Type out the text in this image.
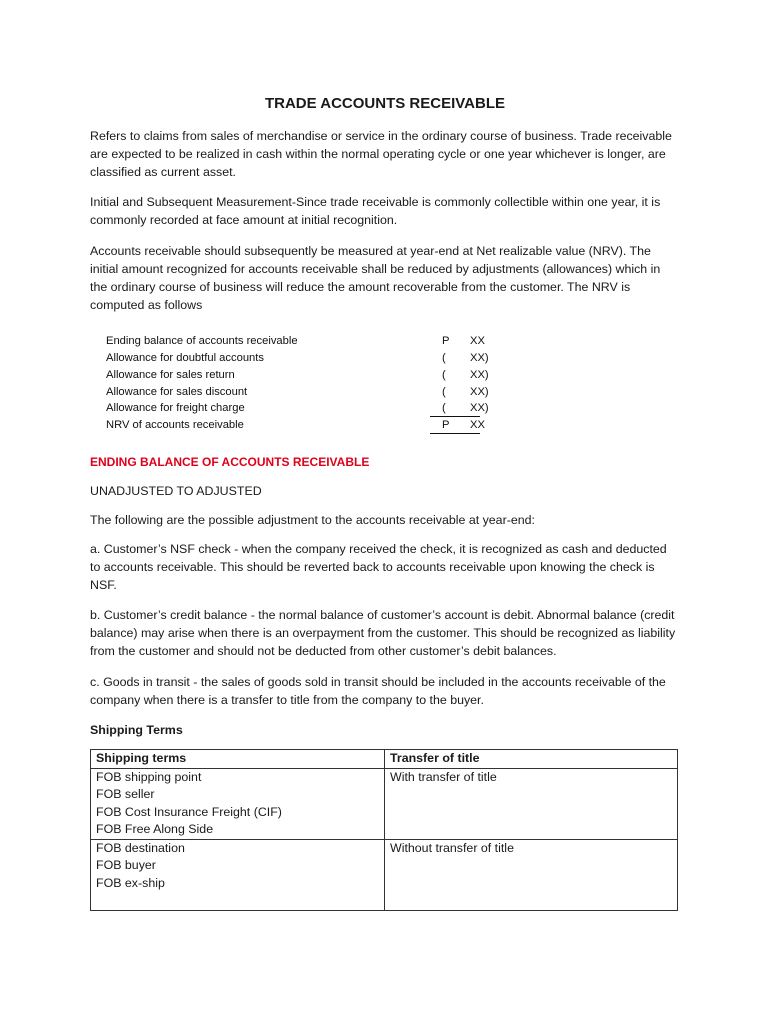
TRADE ACCOUNTS RECEIVABLE

Refers to claims from sales of merchandise or service in the ordinary course of business. Trade receivable are expected to be realized in cash within the normal operating cycle or one year whichever is longer, are classified as current asset.

Initial and Subsequent Measurement-Since trade receivable is commonly collectible within one year, it is commonly recorded at face amount at initial recognition.

Accounts receivable should subsequently be measured at year-end at Net realizable value (NRV). The initial amount recognized for accounts receivable shall be reduced by adjustments (allowances) which in the ordinary course of business will reduce the amount recoverable from the customer. The NRV is computed as follows

ENDING BALANCE OF ACCOUNTS RECEIVABLE

UNADJUSTED TO ADJUSTED

The following are the possible adjustment to the accounts receivable at year-end:

a. Customer’s NSF check - when the company received the check, it is recognized as cash and deducted to accounts receivable. This should be reverted back to accounts receivable upon knowing the check is NSF.

b. Customer’s credit balance - the normal balance of customer’s account is debit. Abnormal balance (credit balance) may arise when there is an overpayment from the customer. This should be recognized as liability from the customer and should not be deducted from other customer’s debit balances.

c. Goods in transit - the sales of goods sold in transit should be included in the accounts receivable of the company when there is a transfer to title from the company to the buyer.

Shipping Terms

Shipping terms	Transfer of title

FOB shipping point
FOB seller
FOB Cost Insurance Freight (CIF)
FOB Free Along Side	With transfer of title

FOB destination
FOB buyer
FOB ex-ship	Without transfer of title
Ending balance of accounts receivable	P	XX
Allowance for doubtful accounts	(	XX)
Allowance for sales return	(	XX)
Allowance for sales discount	(	XX)
Allowance for freight charge	(	XX)
NRV of accounts receivable	P	XX
